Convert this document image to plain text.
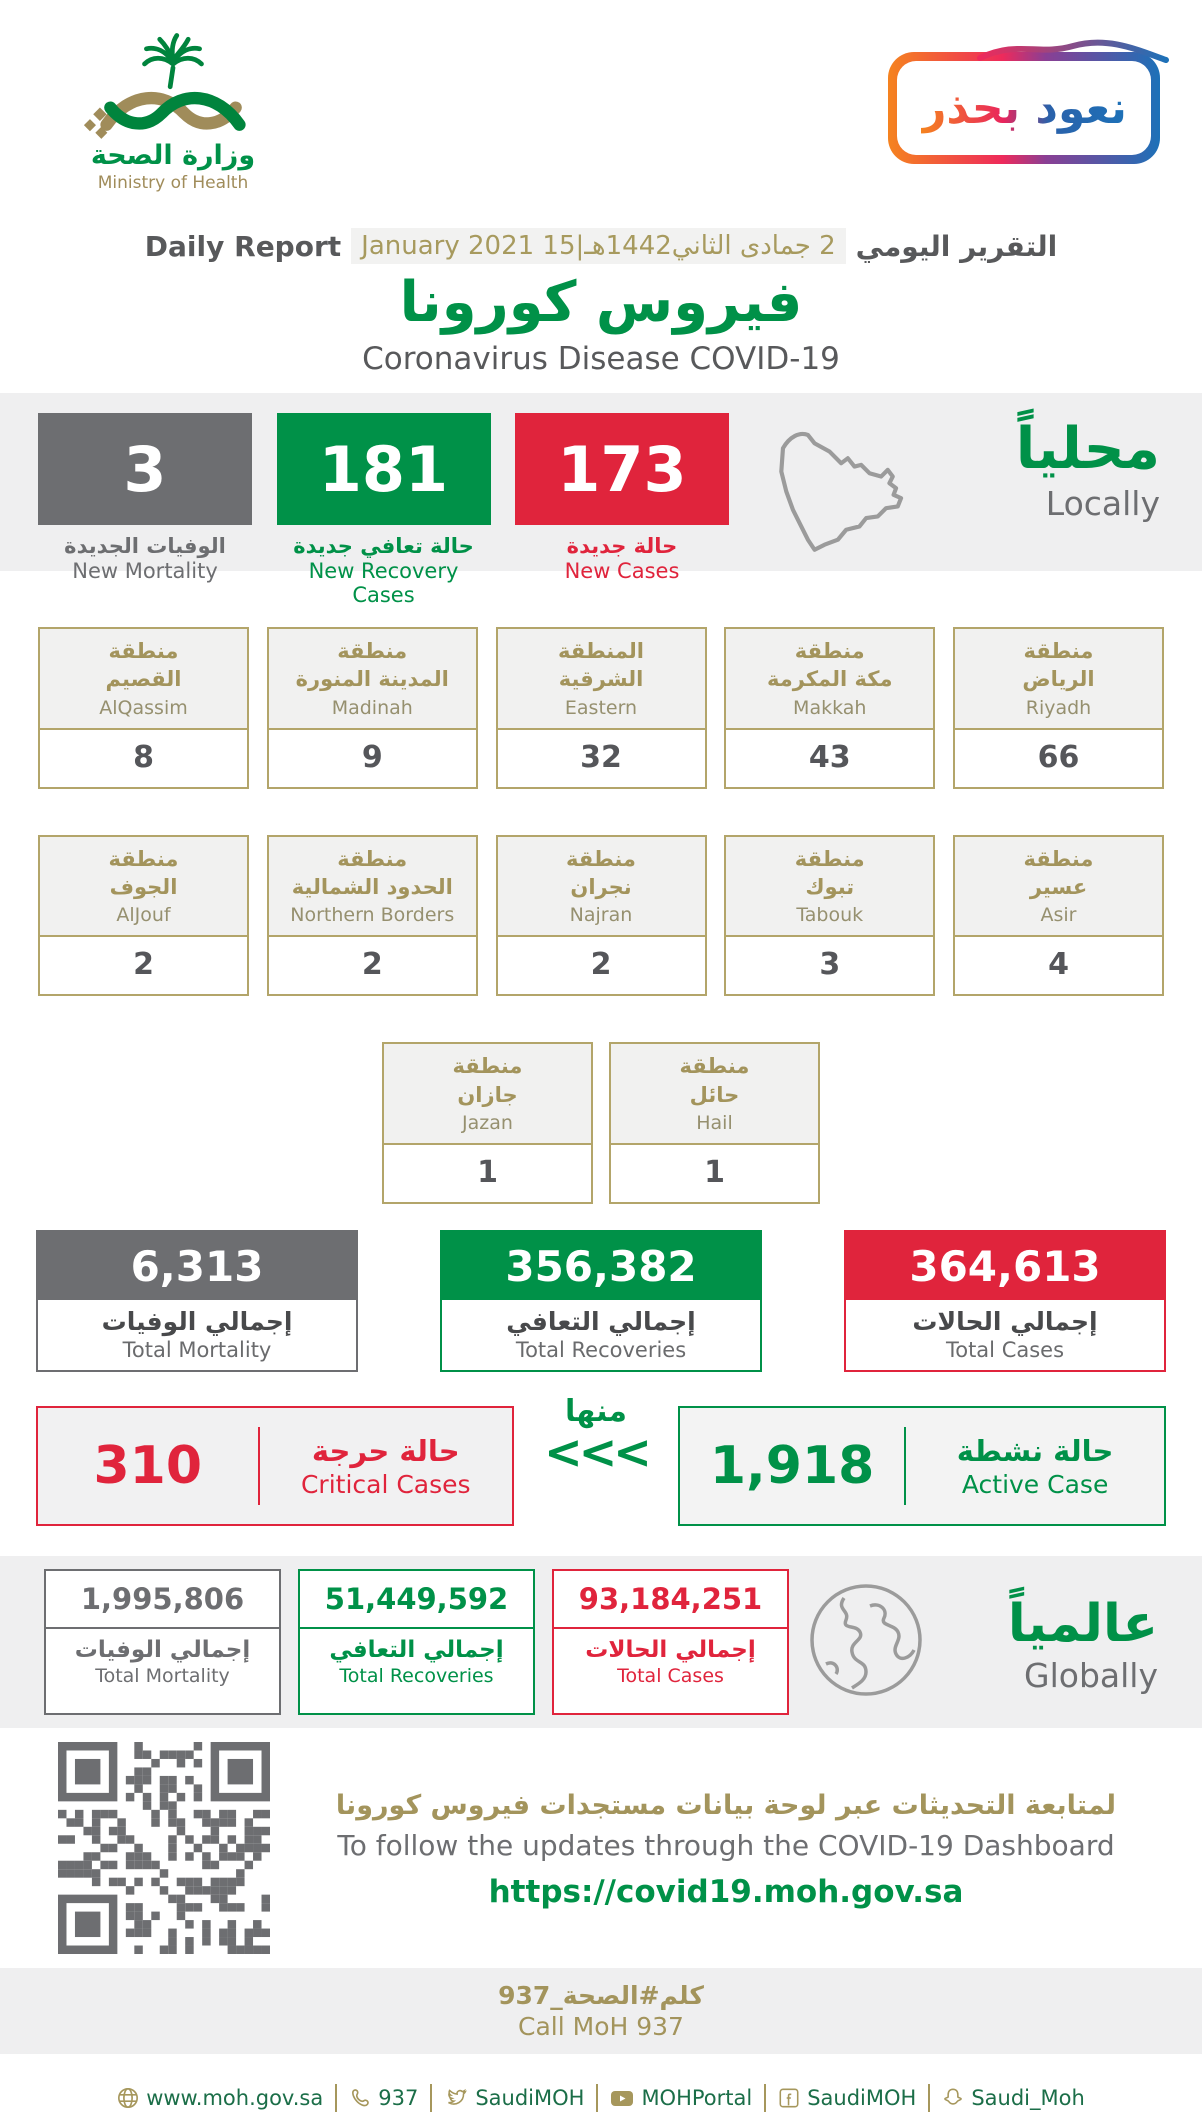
وزارة الصحة
Ministry of Health
نعود بحذر
Daily Report 2 جمادى الثاني1442هـ|15 January 2021 التقرير اليومي
فيروس كورونا
Coronavirus Disease COVID-19
3
الوفيات الجديدة
New Mortality
181
حالة تعافي جديدة
New Recovery Cases
173
حالة جديدة
New Cases
محلياً
Locally
منطقة
القصيم
AlQassim
8
منطقة
المدينة المنورة
Madinah
9
المنطقة
الشرقية
Eastern
32
منطقة
مكة المكرمة
Makkah
43
منطقة
الرياض
Riyadh
66
منطقة
الجوف
AlJouf
2
منطقة
الحدود الشمالية
Northern Borders
2
منطقة
نجران
Najran
2
منطقة
تبوك
Tabouk
3
منطقة
عسير
Asir
4
منطقة
جازان
Jazan
1
منطقة
حائل
Hail
1
6,313
إجمالي الوفيات
Total Mortality
356,382
إجمالي التعافي
Total Recoveries
364,613
إجمالي الحالات
Total Cases
310	حالة حرجة
Critical Cases
منها
<<<	1,918	حالة نشطة
Active Case
1,995,806
إجمالي الوفيات
Total Mortality
51,449,592
إجمالي التعافي
Total Recoveries
93,184,251
إجمالي الحالات
Total Cases
عالمياً
Globally
لمتابعة التحديثات عبر لوحة بيانات مستجدات فيروس كورونا
To follow the updates through the COVID-19 Dashboard
https://covid19.moh.gov.sa
كلم#الصحة_937
Call MoH 937
www.moh.gov.sa	937	SaudiMOH	MOHPortal	SaudiMOH	Saudi_Moh
